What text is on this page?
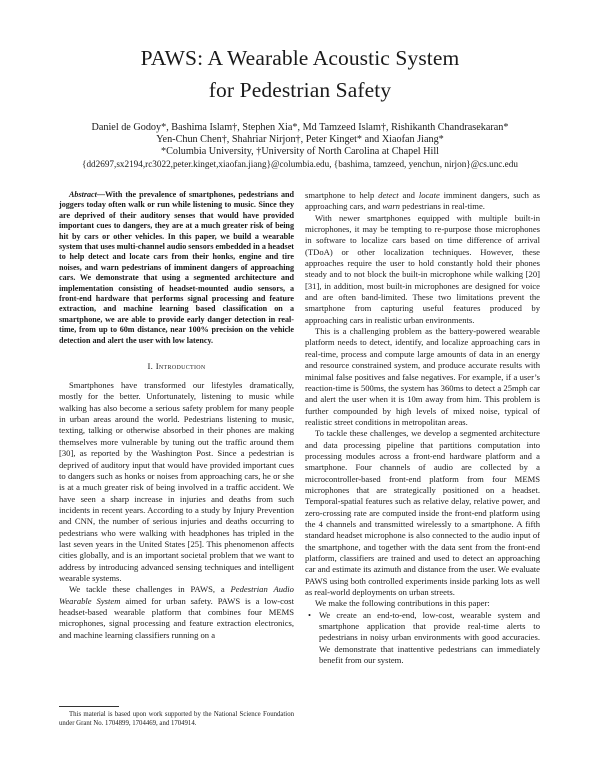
PAWS: A Wearable Acoustic System
for Pedestrian Safety
Daniel de Godoy*, Bashima Islam†, Stephen Xia*, Md Tamzeed Islam†, Rishikanth Chandrasekaran*
Yen-Chun Chen†, Shahriar Nirjon†, Peter Kinget* and Xiaofan Jiang*
*Columbia University, †University of North Carolina at Chapel Hill
{dd2697,sx2194,rc3022,peter.kinget,xiaofan.jiang}@columbia.edu, {bashima, tamzeed, yenchun, nirjon}@cs.unc.edu

Abstract—With the prevalence of smartphones, pedestrians and joggers today often walk or run while listening to music. Since they are deprived of their auditory senses that would have provided important cues to dangers, they are at a much greater risk of being hit by cars or other vehicles. In this paper, we build a wearable system that uses multi-channel audio sensors embedded in a headset to help detect and locate cars from their honks, engine and tire noises, and warn pedestrians of imminent dangers of approaching cars. We demonstrate that using a segmented architecture and implementation consisting of headset-mounted audio sensors, a front-end hardware that performs signal processing and feature extraction, and machine learning based classification on a smartphone, we are able to provide early danger detection in real-time, from up to 60m distance, near 100% precision on the vehicle detection and alert the user with low latency.

I. Introduction

Smartphones have transformed our lifestyles dramatically, mostly for the better. Unfortunately, listening to music while walking has also become a serious safety problem for many people in urban areas around the world. Pedestrians listening to music, texting, talking or otherwise absorbed in their phones are making themselves more vulnerable by tuning out the traffic around them [30], as reported by the Washington Post. Since a pedestrian is deprived of auditory input that would have provided important cues to dangers such as honks or noises from approaching cars, he or she is at a much greater risk of being involved in a traffic accident. We have seen a sharp increase in injuries and deaths from such incidents in recent years. According to a study by Injury Prevention and CNN, the number of serious injuries and deaths occurring to pedestrians who were walking with headphones has tripled in the last seven years in the United States [25]. This phenomenon affects cities globally, and is an important societal problem that we want to address by introducing advanced sensing techniques and intelligent wearable systems.

We tackle these challenges in PAWS, a Pedestrian Audio Wearable System aimed for urban safety. PAWS is a low-cost headset-based wearable platform that combines four MEMS microphones, signal processing and feature extraction electronics, and machine learning classifiers running on a

smartphone to help detect and locate imminent dangers, such as approaching cars, and warn pedestrians in real-time.

With newer smartphones equipped with multiple built-in microphones, it may be tempting to re-purpose those microphones in software to localize cars based on time difference of arrival (TDoA) or other localization techniques. However, these approaches require the user to hold constantly hold their phones steady and to not block the built-in microphone while walking [20] [31], in addition, most built-in microphones are designed for voice and are often band-limited. These two limitations prevent the smartphone from capturing useful features produced by approaching cars in realistic urban environments.

This is a challenging problem as the battery-powered wearable platform needs to detect, identify, and localize approaching cars in real-time, process and compute large amounts of data in an energy and resource constrained system, and produce accurate results with minimal false positives and false negatives. For example, if a user’s reaction-time is 500ms, the system has 360ms to detect a 25mph car and alert the user when it is 10m away from him. This problem is further compounded by high levels of mixed noise, typical of realistic street conditions in metropolitan areas.

To tackle these challenges, we develop a segmented architecture and data processing pipeline that partitions computation into processing modules across a front-end hardware platform and a smartphone. Four channels of audio are collected by a microcontroller-based front-end platform from four MEMS microphones that are strategically positioned on a headset. Temporal-spatial features such as relative delay, relative power, and zero-crossing rate are computed inside the front-end platform using the 4 channels and transmitted wirelessly to a smartphone. A fifth standard headset microphone is also connected to the audio input of the smartphone, and together with the data sent from the front-end platform, classifiers are trained and used to detect an approaching car and estimate its azimuth and distance from the user. We evaluate PAWS using both controlled experiments inside parking lots as well as real-world deployments on urban streets.

We make the following contributions in this paper:

• We create an end-to-end, low-cost, wearable system and smartphone application that provide real-time alerts to pedestrians in noisy urban environments with good accuracies. We demonstrate that inattentive pedestrians can immediately benefit from our system.
This material is based upon work supported by the National Science Foundation under Grant No. 1704899, 1704469, and 1704914.
